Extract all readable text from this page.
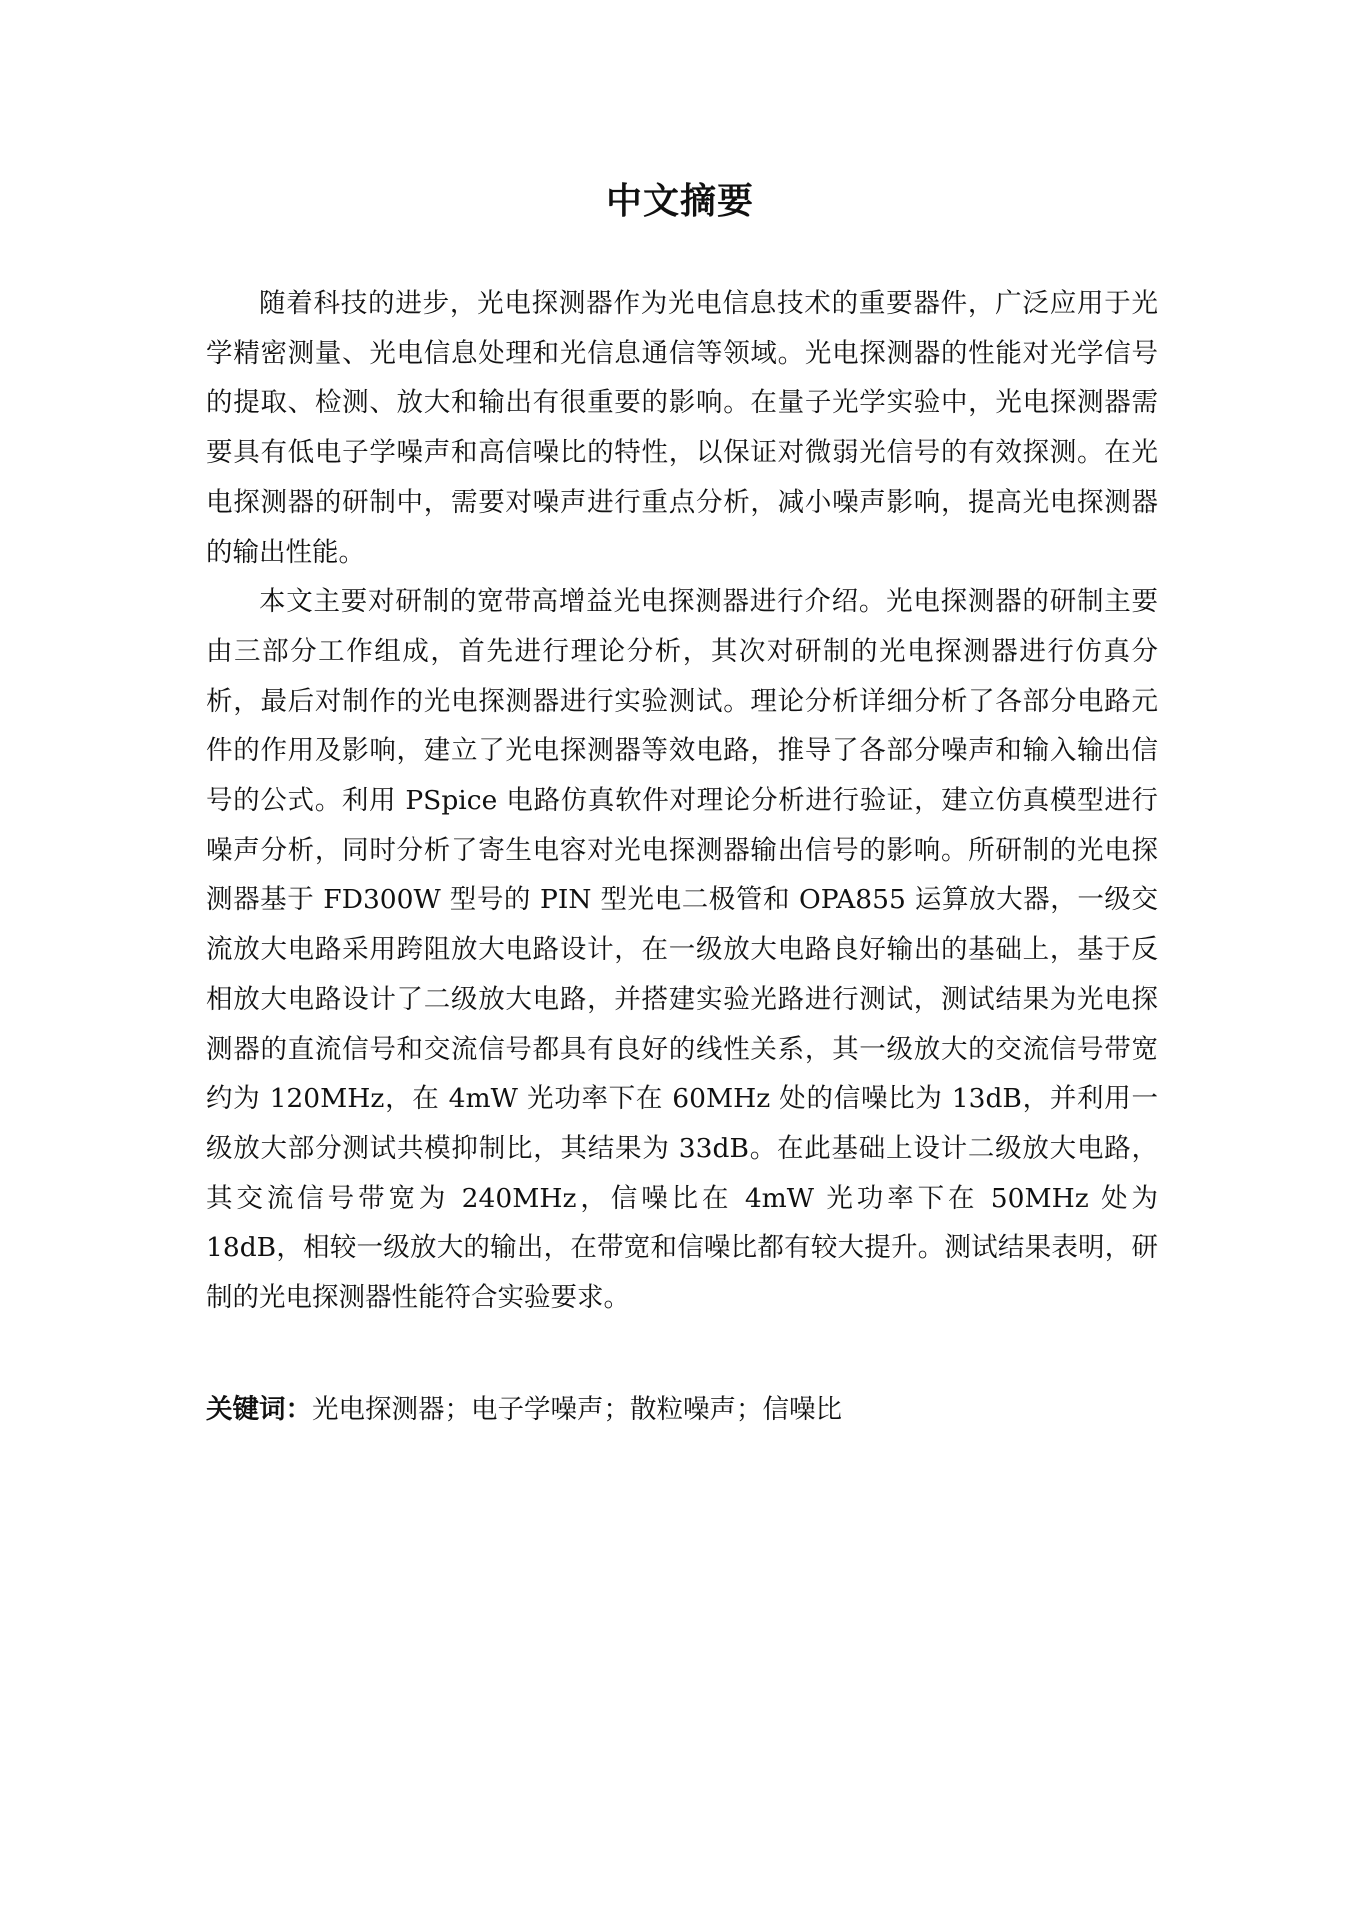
中文摘要

随着科技的进步，光电探测器作为光电信息技术的重要器件，广泛应用于光学精密测量、光电信息处理和光信息通信等领域。光电探测器的性能对光学信号的提取、检测、放大和输出有很重要的影响。在量子光学实验中，光电探测器需要具有低电子学噪声和高信噪比的特性，以保证对微弱光信号的有效探测。在光电探测器的研制中，需要对噪声进行重点分析，减小噪声影响，提高光电探测器的输出性能。

本文主要对研制的宽带高增益光电探测器进行介绍。光电探测器的研制主要由三部分工作组成，首先进行理论分析，其次对研制的光电探测器进行仿真分析，最后对制作的光电探测器进行实验测试。理论分析详细分析了各部分电路元件的作用及影响，建立了光电探测器等效电路，推导了各部分噪声和输入输出信号的公式。利用 PSpice 电路仿真软件对理论分析进行验证，建立仿真模型进行噪声分析，同时分析了寄生电容对光电探测器输出信号的影响。所研制的光电探测器基于 FD300W 型号的 PIN 型光电二极管和 OPA855 运算放大器，一级交流放大电路采用跨阻放大电路设计，在一级放大电路良好输出的基础上，基于反相放大电路设计了二级放大电路，并搭建实验光路进行测试，测试结果为光电探测器的直流信号和交流信号都具有良好的线性关系，其一级放大的交流信号带宽约为 120MHz，在 4mW 光功率下在 60MHz 处的信噪比为 13dB，并利用一级放大部分测试共模抑制比，其结果为 33dB。在此基础上设计二级放大电路，其交流信号带宽为 240MHz，信噪比在 4mW 光功率下在 50MHz 处为 18dB，相较一级放大的输出，在带宽和信噪比都有较大提升。测试结果表明，研制的光电探测器性能符合实验要求。

关键词：光电探测器；电子学噪声；散粒噪声；信噪比
